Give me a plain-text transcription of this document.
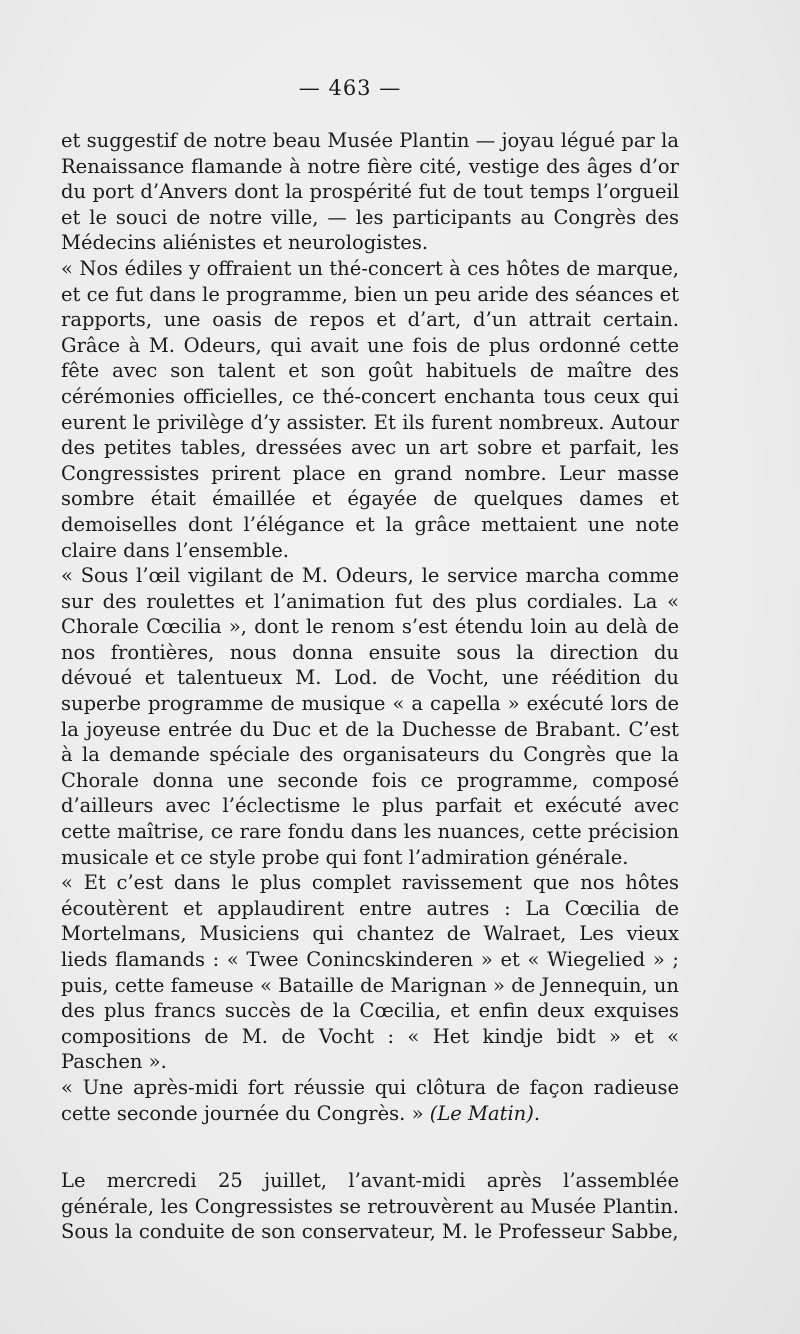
— 463 —

et suggestif de notre beau Musée Plantin — joyau légué par la Renaissance flamande à notre fière cité, vestige des âges d’or du port d’Anvers dont la prospérité fut de tout temps l’orgueil et le souci de notre ville, — les participants au Congrès des Médecins aliénistes et neurologistes.

« Nos édiles y offraient un thé-concert à ces hôtes de marque, et ce fut dans le programme, bien un peu aride des séances et rapports, une oasis de repos et d’art, d’un attrait certain. Grâce à M. Odeurs, qui avait une fois de plus ordonné cette fête avec son talent et son goût habituels de maître des cérémonies officielles, ce thé-concert enchanta tous ceux qui eurent le privilège d’y assister. Et ils furent nombreux. Autour des petites tables, dressées avec un art sobre et parfait, les Congressistes prirent place en grand nombre. Leur masse sombre était émaillée et égayée de quelques dames et demoiselles dont l’élégance et la grâce mettaient une note claire dans l’ensemble.

« Sous l’œil vigilant de M. Odeurs, le service marcha comme sur des roulettes et l’animation fut des plus cordiales. La « Chorale Cœcilia », dont le renom s’est étendu loin au delà de nos frontières, nous donna ensuite sous la direction du dévoué et talentueux M. Lod. de Vocht, une réédition du superbe programme de musique « a capella » exécuté lors de la joyeuse entrée du Duc et de la Duchesse de Brabant. C’est à la demande spéciale des organisateurs du Congrès que la Chorale donna une seconde fois ce programme, composé d’ailleurs avec l’éclectisme le plus parfait et exécuté avec cette maîtrise, ce rare fondu dans les nuances, cette précision musicale et ce style probe qui font l’admiration générale.

« Et c’est dans le plus complet ravissement que nos hôtes écoutèrent et applaudirent entre autres : La Cœcilia de Mortelmans, Musiciens qui chantez de Walraet, Les vieux lieds flamands : « Twee Conincskinderen » et « Wiegelied » ; puis, cette fameuse « Bataille de Marignan » de Jennequin, un des plus francs succès de la Cœcilia, et enfin deux exquises compositions de M. de Vocht : « Het kindje bidt » et « Paschen ».

« Une après-midi fort réussie qui clôtura de façon radieuse cette seconde journée du Congrès. » (Le Matin).

Le mercredi 25 juillet, l’avant-midi après l’assemblée générale, les Congressistes se retrouvèrent au Musée Plantin. Sous la conduite de son conservateur, M. le Professeur Sabbe,
